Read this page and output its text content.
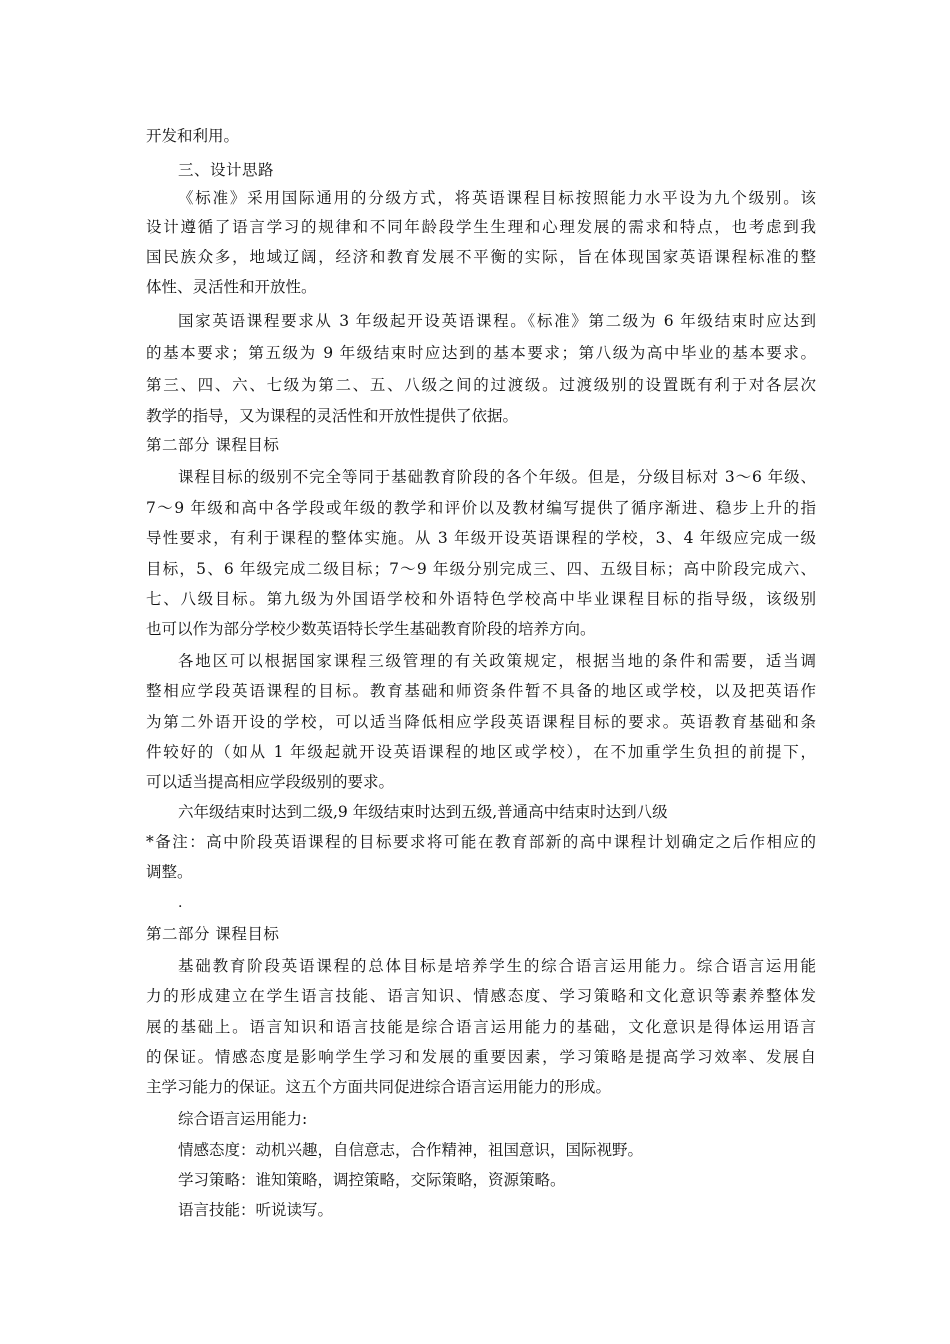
开发和利用。
三、设计思路
《标准》采用国际通用的分级方式，将英语课程目标按照能力水平设为九个级别。该
设计遵循了语言学习的规律和不同年龄段学生生理和心理发展的需求和特点，也考虑到我
国民族众多，地域辽阔，经济和教育发展不平衡的实际，旨在体现国家英语课程标准的整
体性、灵活性和开放性。
国家英语课程要求从 3 年级起开设英语课程。《标准》第二级为 6 年级结束时应达到
的基本要求；第五级为 9 年级结束时应达到的基本要求；第八级为高中毕业的基本要求。
第三、四、六、七级为第二、五、八级之间的过渡级。过渡级别的设置既有利于对各层次
教学的指导，又为课程的灵活性和开放性提供了依据。
第二部分 课程目标
课程目标的级别不完全等同于基础教育阶段的各个年级。但是，分级目标对 3～6 年级、
7～9 年级和高中各学段或年级的教学和评价以及教材编写提供了循序渐进、稳步上升的指
导性要求，有利于课程的整体实施。从 3 年级开设英语课程的学校，3、4 年级应完成一级
目标，5、6 年级完成二级目标；7～9 年级分别完成三、四、五级目标；高中阶段完成六、
七、八级目标。第九级为外国语学校和外语特色学校高中毕业课程目标的指导级，该级别
也可以作为部分学校少数英语特长学生基础教育阶段的培养方向。
各地区可以根据国家课程三级管理的有关政策规定，根据当地的条件和需要，适当调
整相应学段英语课程的目标。教育基础和师资条件暂不具备的地区或学校，以及把英语作
为第二外语开设的学校，可以适当降低相应学段英语课程目标的要求。英语教育基础和条
件较好的（如从 1 年级起就开设英语课程的地区或学校），在不加重学生负担的前提下，
可以适当提高相应学段级别的要求。
六年级结束时达到二级,9 年级结束时达到五级,普通高中结束时达到八级
*备注：高中阶段英语课程的目标要求将可能在教育部新的高中课程计划确定之后作相应的
调整。
.
第二部分 课程目标
基础教育阶段英语课程的总体目标是培养学生的综合语言运用能力。综合语言运用能
力的形成建立在学生语言技能、语言知识、情感态度、学习策略和文化意识等素养整体发
展的基础上。语言知识和语言技能是综合语言运用能力的基础，文化意识是得体运用语言
的保证。情感态度是影响学生学习和发展的重要因素，学习策略是提高学习效率、发展自
主学习能力的保证。这五个方面共同促进综合语言运用能力的形成。
综合语言运用能力:
情感态度：动机兴趣，自信意志，合作精神，祖国意识，国际视野。
学习策略：谁知策略，调控策略，交际策略，资源策略。
语言技能：听说读写。
